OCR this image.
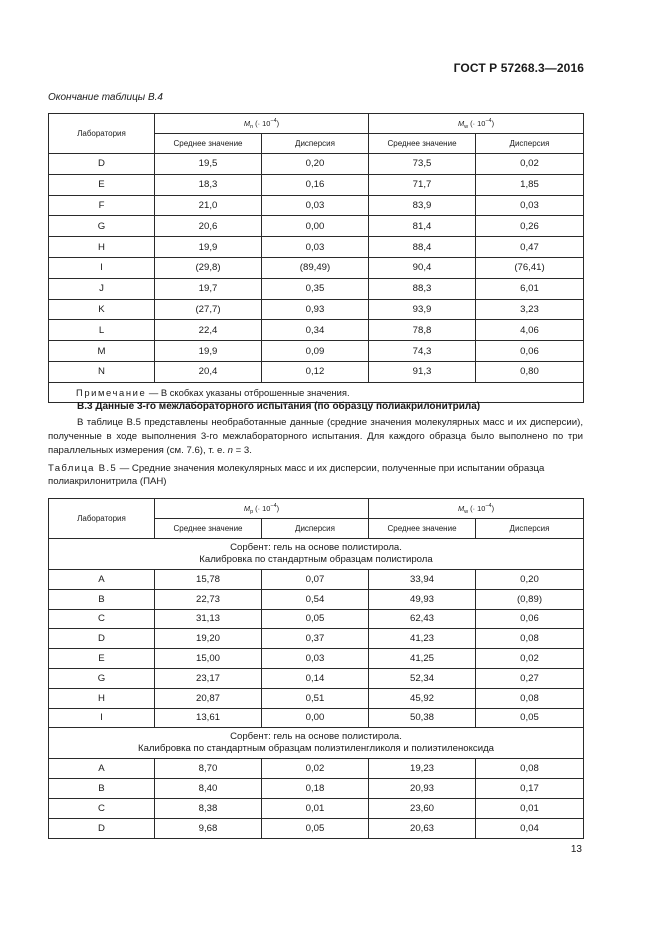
ГОСТ Р 57268.3—2016
Окончание таблицы В.4
Лаборатория	$M_n$ (· $10^{-4}$)		$M_w$ (· $10^{-4}$)	
	Среднее значение	Дисперсия	Среднее значение	Дисперсия
D	19,5	0,20	73,5	0,02
E	18,3	0,16	71,7	1,85
F	21,0	0,03	83,9	0,03
G	20,6	0,00	81,4	0,26
H	19,9	0,03	88,4	0,47
I	(29,8)	(89,49)	90,4	(76,41)
J	19,7	0,35	88,3	6,01
K	(27,7)	0,93	93,9	3,23
L	22,4	0,34	78,8	4,06
M	19,9	0,09	74,3	0,06
N	20,4	0,12	91,3	0,80
Примечание — В скобках указаны отброшенные значения.				
В.3 Данные 3-го межлабораторного испытания (по образцу полиакрилонитрила)

В таблице В.5 представлены необработанные данные (средние значения молекулярных масс и их дисперсии), полученные в ходе выполнения 3-го межлабораторного испытания. Для каждого образца было выполнено по три параллельных измерения (см. 7.6), т. е. n = 3.

Таблица В.5 — Средние значения молекулярных масс и их дисперсии, полученные при испытании образца полиакрилонитрила (ПАН)
Лаборатория	$M_p$ (· $10^{-4}$)		$M_w$ (· $10^{-4}$)	
	Среднее значение	Дисперсия	Среднее значение	Дисперсия
Сорбент: гель на основе полистирола.
Калибровка по стандартным образцам полистирола				
A	15,78	0,07	33,94	0,20
B	22,73	0,54	49,93	(0,89)
C	31,13	0,05	62,43	0,06
D	19,20	0,37	41,23	0,08
E	15,00	0,03	41,25	0,02
G	23,17	0,14	52,34	0,27
H	20,87	0,51	45,92	0,08
I	13,61	0,00	50,38	0,05
Сорбент: гель на основе полистирола.
Калибровка по стандартным образцам полиэтиленгликоля и полиэтиленоксида				
A	8,70	0,02	19,23	0,08
B	8,40	0,18	20,93	0,17
C	8,38	0,01	23,60	0,01
D	9,68	0,05	20,63	0,04
13
